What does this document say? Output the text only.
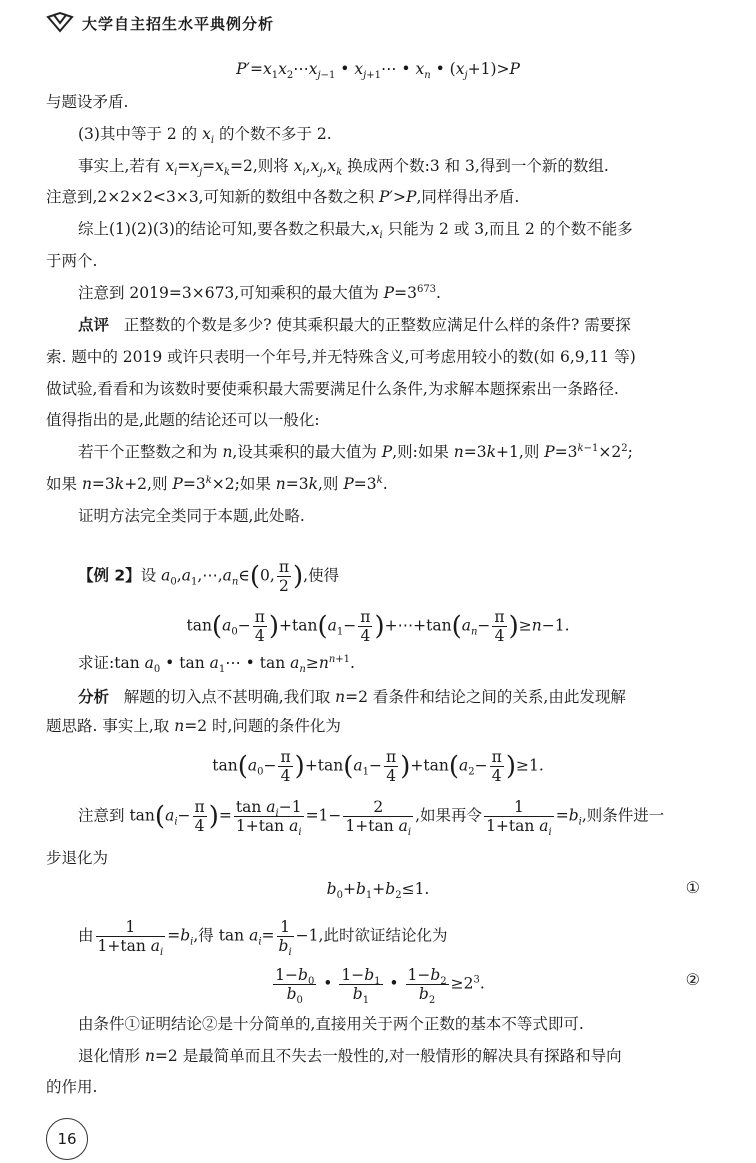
大学自主招生水平典例分析
$P'=x_1x_2\cdots x_{j-1}$ • $x_{j+1}\cdots$ • $x_n$ • $(x_j+1)>P$
与题设矛盾.
(3)其中等于 2 的 $x_i$ 的个数不多于 2.
事实上,若有 $x_i=x_j=x_k=2$,则将 $x_i,x_j,x_k$ 换成两个数:3 和 3,得到一个新的数组.
注意到,2×2×2<3×3,可知新的数组中各数之积 P′>P,同样得出矛盾.
综上(1)(2)(3)的结论可知,要各数之积最大$,x_i$ 只能为 2 或 3,而且 2 的个数不能多
于两个.
注意到 2019=3×673,可知乘积的最大值为 $P=3^{673}$.
点评 正整数的个数是多少? 使其乘积最大的正整数应满足什么样的条件? 需要探
索. 题中的 2019 或许只表明一个年号,并无特殊含义,可考虑用较小的数(如 6,9,11 等)
做试验,看看和为该数时要使乘积最大需要满足什么条件,为求解本题探索出一条路径.
值得指出的是,此题的结论还可以一般化:
若干个正整数之和为 n,设其乘积的最大值为 P,则:如果 n=3k+1,则 $P=3^{k-1}\times 2^2$;
如果 n=3k+2,则 $P=3^k\times 2$;如果 n=3k,则 $P=3^k$.
证明方法完全类同于本题,此处略.
【例 2】设 $a_0,a_1,\cdots,a_n\in(0$, $\frac{\pi}{2}$ ),使得
$\tan(a_0- \frac{\pi}{4} )+\tan(a_1- \frac{\pi}{4}$ )$+\cdots+\tan(a_n- \frac{\pi}{4} )\ge n-1$.
求证:tan $a_0$ • $\tan a_1\cdots$ • $\tan a_n\ge n^{n+1}$.
分析   解题的切入点不甚明确,我们取 n=2 看条件和结论之间的关系,由此发现解
题思路. 事实上,取 n=2 时,问题的条件化为
$\tan(a_0- \frac{\pi}{4} )+\tan(a_1- \frac{\pi}{4} )+\tan(a_2- \frac{\pi}{4} )\ge 1$.
注意到 $\tan(a_i- \frac{\pi}{4}$ )= $\frac{\tan a_i-1}{1+\tan a_i} =1- \frac{2}{1+\tan a_i}$ ,如果再令 $\frac{1}{1+\tan a_i} =b_i$,则条件进一
步退化为
$b_0+b_1+b_2\le 1$.	①
由 $\frac{1}{1+\tan a_i} =b_i$,得 $\tan a_i= \frac{1}{b_i} -1$,此时欲证结论化为
$\frac{1-b_0}{b_0}$ • $\frac{1-b_1}{b_1}$ • $\frac{1-b_2}{b_2} \ge 2^3$.	②
由条件①证明结论②是十分简单的,直接用关于两个正数的基本不等式即可.
退化情形 n=2 是最简单而且不失去一般性的,对一般情形的解决具有探路和导向
的作用.
16
